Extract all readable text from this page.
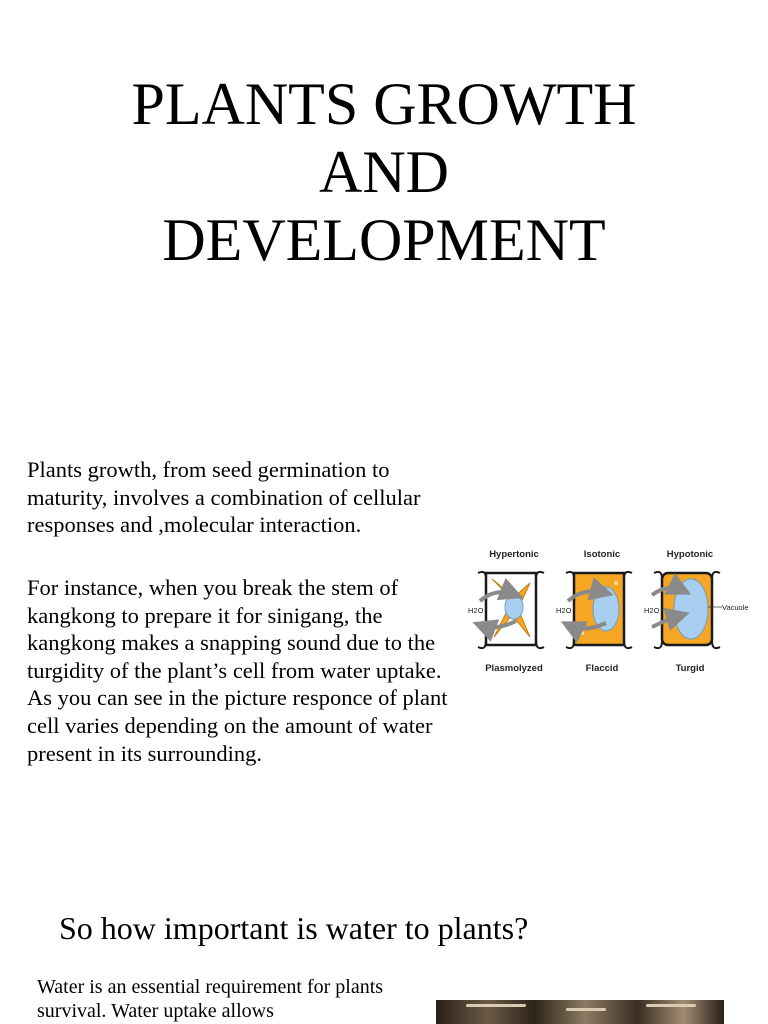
PLANTS GROWTH
AND
DEVELOPMENT

Plants growth, from seed germination to maturity, involves a combination of cellular responses and ,molecular interaction.

For instance, when you break the stem of kangkong to prepare it for sinigang, the kangkong makes a snapping sound due to the turgidity of the plant’s cell from water uptake. As you can see in the picture responce of plant cell varies depending on the amount of water present in its surrounding.

Hypertonic	Isotonic	Hypotonic
H2O	H2O	H2O	Vacuole
Plasmolyzed	Flaccid	Turgid
So how important is water to plants?

Water is an essential requirement for plants survival. Water uptake allows
